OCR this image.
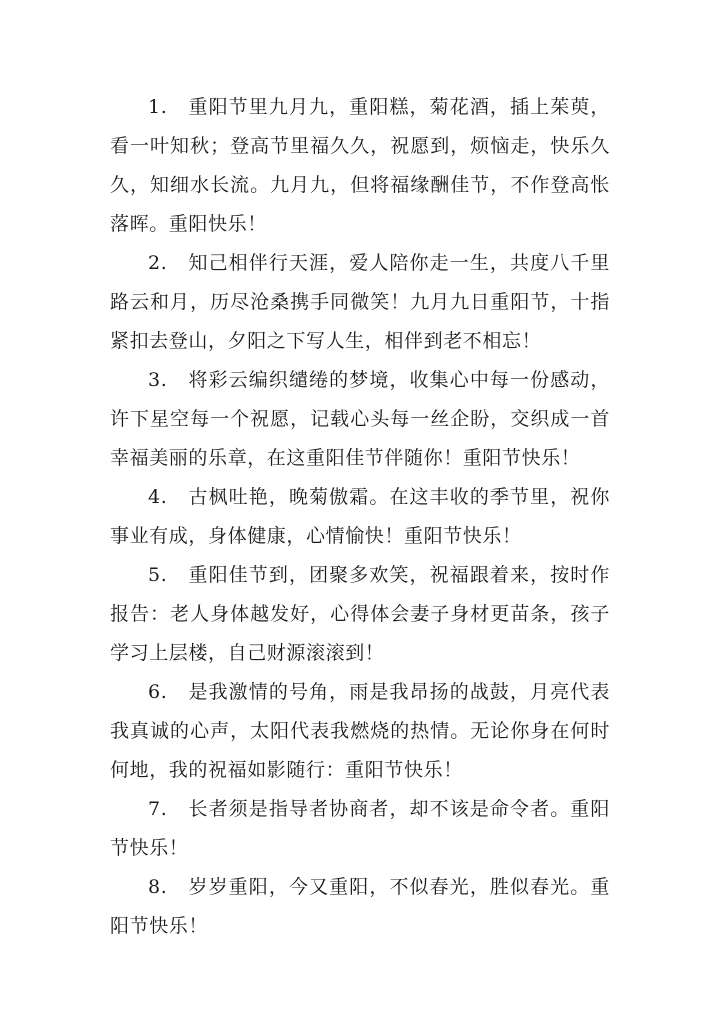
1. 重阳节里九月九，重阳糕，菊花酒，插上茱萸，看一叶知秋；登高节里福久久，祝愿到，烦恼走，快乐久久，知细水长流。九月九，但将福缘酬佳节，不作登高怅落晖。重阳快乐！

2. 知己相伴行天涯，爱人陪你走一生，共度八千里路云和月，历尽沧桑携手同微笑！九月九日重阳节，十指紧扣去登山，夕阳之下写人生，相伴到老不相忘！

3. 将彩云编织缱绻的梦境，收集心中每一份感动，许下星空每一个祝愿，记载心头每一丝企盼，交织成一首幸福美丽的乐章，在这重阳佳节伴随你！重阳节快乐！

4. 古枫吐艳，晚菊傲霜。在这丰收的季节里，祝你事业有成，身体健康，心情愉快！重阳节快乐！

5. 重阳佳节到，团聚多欢笑，祝福跟着来，按时作报告：老人身体越发好，心得体会妻子身材更苗条，孩子学习上层楼，自己财源滚滚到！

6. 是我激情的号角，雨是我昂扬的战鼓，月亮代表我真诚的心声，太阳代表我燃烧的热情。无论你身在何时何地，我的祝福如影随行：重阳节快乐！

7. 长者须是指导者协商者，却不该是命令者。重阳节快乐！

8. 岁岁重阳，今又重阳，不似春光，胜似春光。重阳节快乐！
